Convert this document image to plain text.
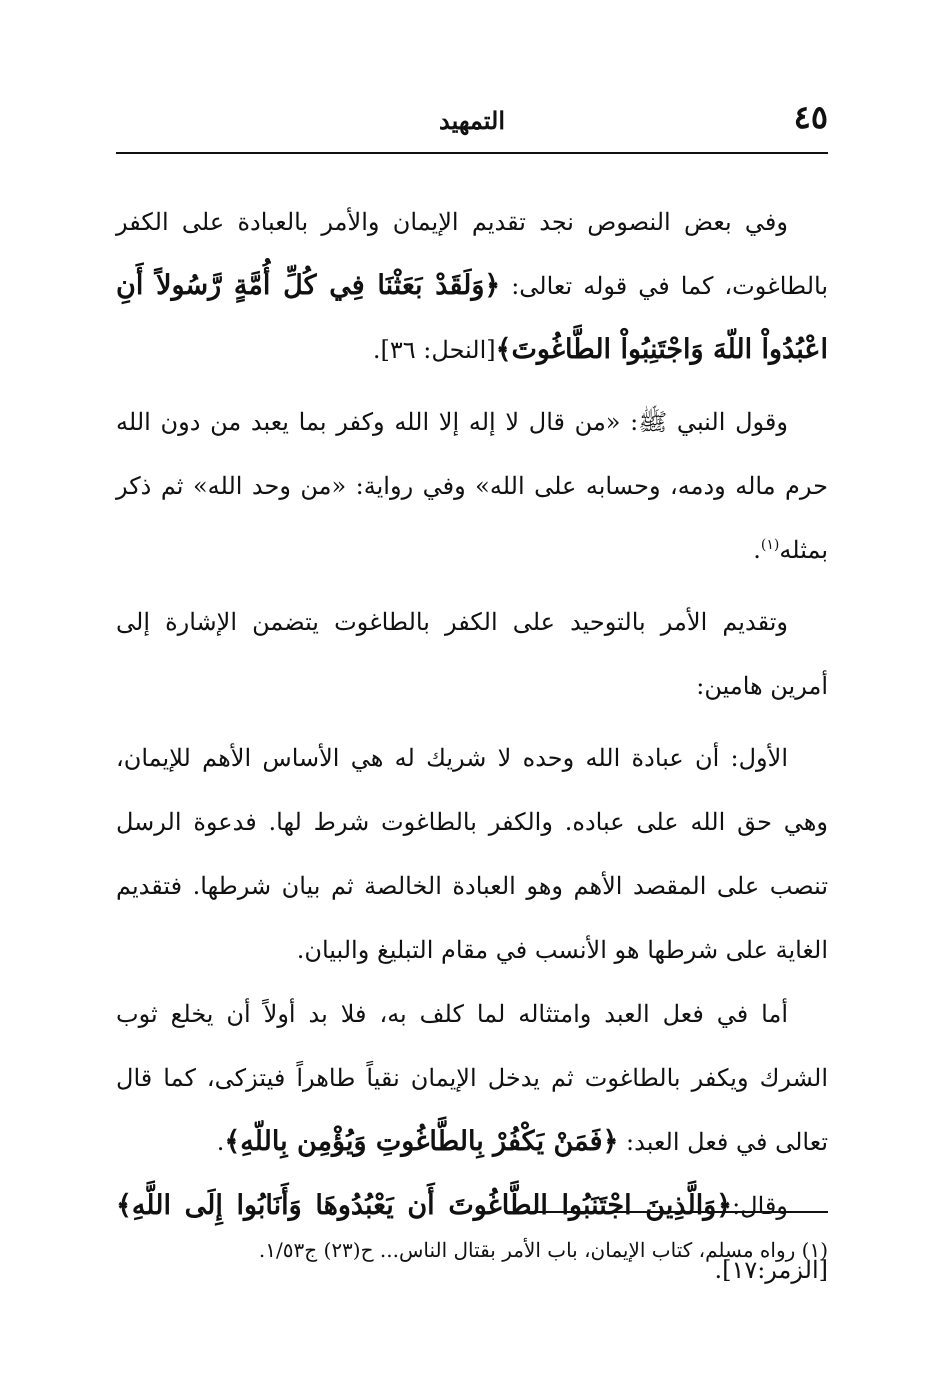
٤٥
التمهيد

وفي بعض النصوص نجد تقديم الإيمان والأمر بالعبادة على الكفر بالطاغوت، كما في قوله تعالى: ﴿وَلَقَدْ بَعَثْنَا فِي كُلِّ أُمَّةٍ رَّسُولاً أَنِ اعْبُدُواْ اللّهَ وَاجْتَنِبُواْ الطَّاغُوتَ﴾[النحل: ٣٦].

وقول النبي ﷺ: «من قال لا إله إلا الله وكفر بما يعبد من دون الله حرم ماله ودمه، وحسابه على الله» وفي رواية: «من وحد الله» ثم ذكر بمثله$^{(١)}$.

وتقديم الأمر بالتوحيد على الكفر بالطاغوت يتضمن الإشارة إلى أمرين هامين:

الأول: أن عبادة الله وحده لا شريك له هي الأساس الأهم للإيمان، وهي حق الله على عباده. والكفر بالطاغوت شرط لها. فدعوة الرسل تنصب على المقصد الأهم وهو العبادة الخالصة ثم بيان شرطها. فتقديم الغاية على شرطها هو الأنسب في مقام التبليغ والبيان.

أما في فعل العبد وامتثاله لما كلف به، فلا بد أولاً أن يخلع ثوب الشرك ويكفر بالطاغوت ثم يدخل الإيمان نقياً طاهراً فيتزكى، كما قال تعالى في فعل العبد: ﴿فَمَنْ يَكْفُرْ بِالطَّاغُوتِ وَيُؤْمِن بِاللّهِ﴾.

وقال:﴿وَالَّذِينَ اجْتَنَبُوا الطَّاغُوتَ أَن يَعْبُدُوهَا وَأَنَابُوا إِلَى اللَّهِ﴾[الزمر:١٧].

(١) رواه مسلم، كتاب الإيمان، باب الأمر بقتال الناس... ح(٢٣) ج١/٥٣.
